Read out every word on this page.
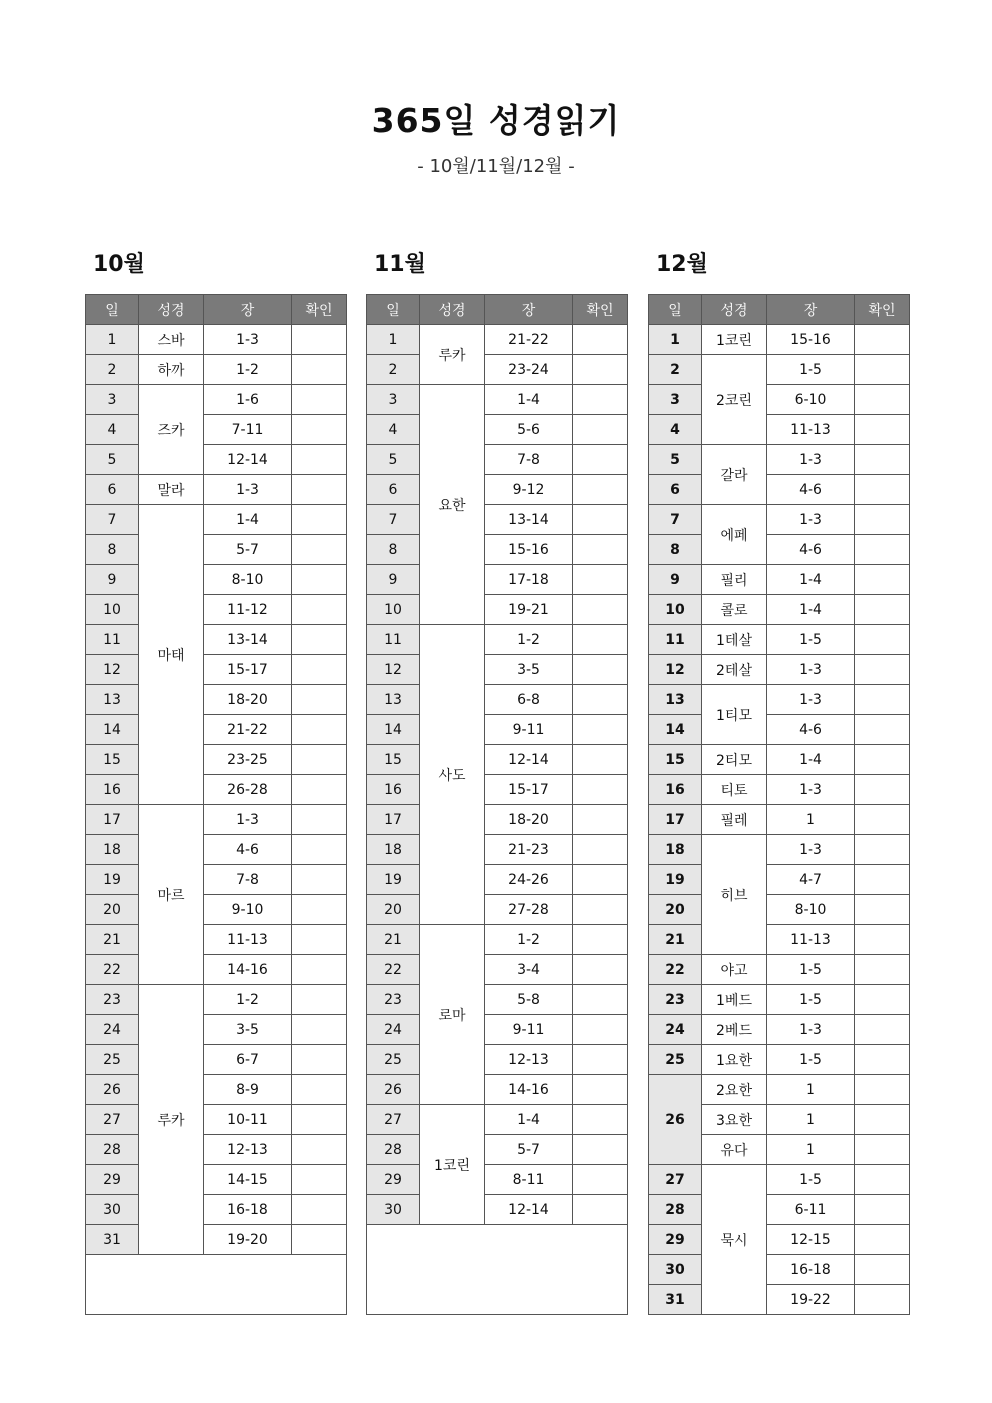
365일 성경읽기
- 10월/11월/12월 -
10월
일	성경	장	확인
1	스바	1-3	
2	하까	1-2	
3	즈카	1-6	
4		7-11	
5		12-14	
6	말라	1-3	
7	마태	1-4	
8		5-7	
9		8-10	
10		11-12	
11		13-14	
12		15-17	
13		18-20	
14		21-22	
15		23-25	
16		26-28	
17	마르	1-3	
18		4-6	
19		7-8	
20		9-10	
21		11-13	
22		14-16	
23	루카	1-2	
24		3-5	
25		6-7	
26		8-9	
27		10-11	
28		12-13	
29		14-15	
30		16-18	
31		19-20	

11월
일	성경	장	확인
1	루카	21-22	
2		23-24	
3	요한	1-4	
4		5-6	
5		7-8	
6		9-12	
7		13-14	
8		15-16	
9		17-18	
10		19-21	
11	사도	1-2	
12		3-5	
13		6-8	
14		9-11	
15		12-14	
16		15-17	
17		18-20	
18		21-23	
19		24-26	
20		27-28	
21	로마	1-2	
22		3-4	
23		5-8	
24		9-11	
25		12-13	
26		14-16	
27	1코린	1-4	
28		5-7	
29		8-11	
30		12-14	

12월
일	성경	장	확인
1	1코린	15-16	
2	2코린	1-5	
3		6-10	
4		11-13	
5	갈라	1-3	
6		4-6	
7	에페	1-3	
8		4-6	
9	필리	1-4	
10	콜로	1-4	
11	1테살	1-5	
12	2테살	1-3	
13	1티모	1-3	
14		4-6	
15	2티모	1-4	
16	티토	1-3	
17	필레	1	
18	히브	1-3	
19		4-7	
20		8-10	
21		11-13	
22	야고	1-5	
23	1베드	1-5	
24	2베드	1-3	
25	1요한	1-5	
26	2요한	1	
	3요한	1	
	유다	1	
27	묵시	1-5	
28		6-11	
29		12-15	
30		16-18	
31		19-22	
